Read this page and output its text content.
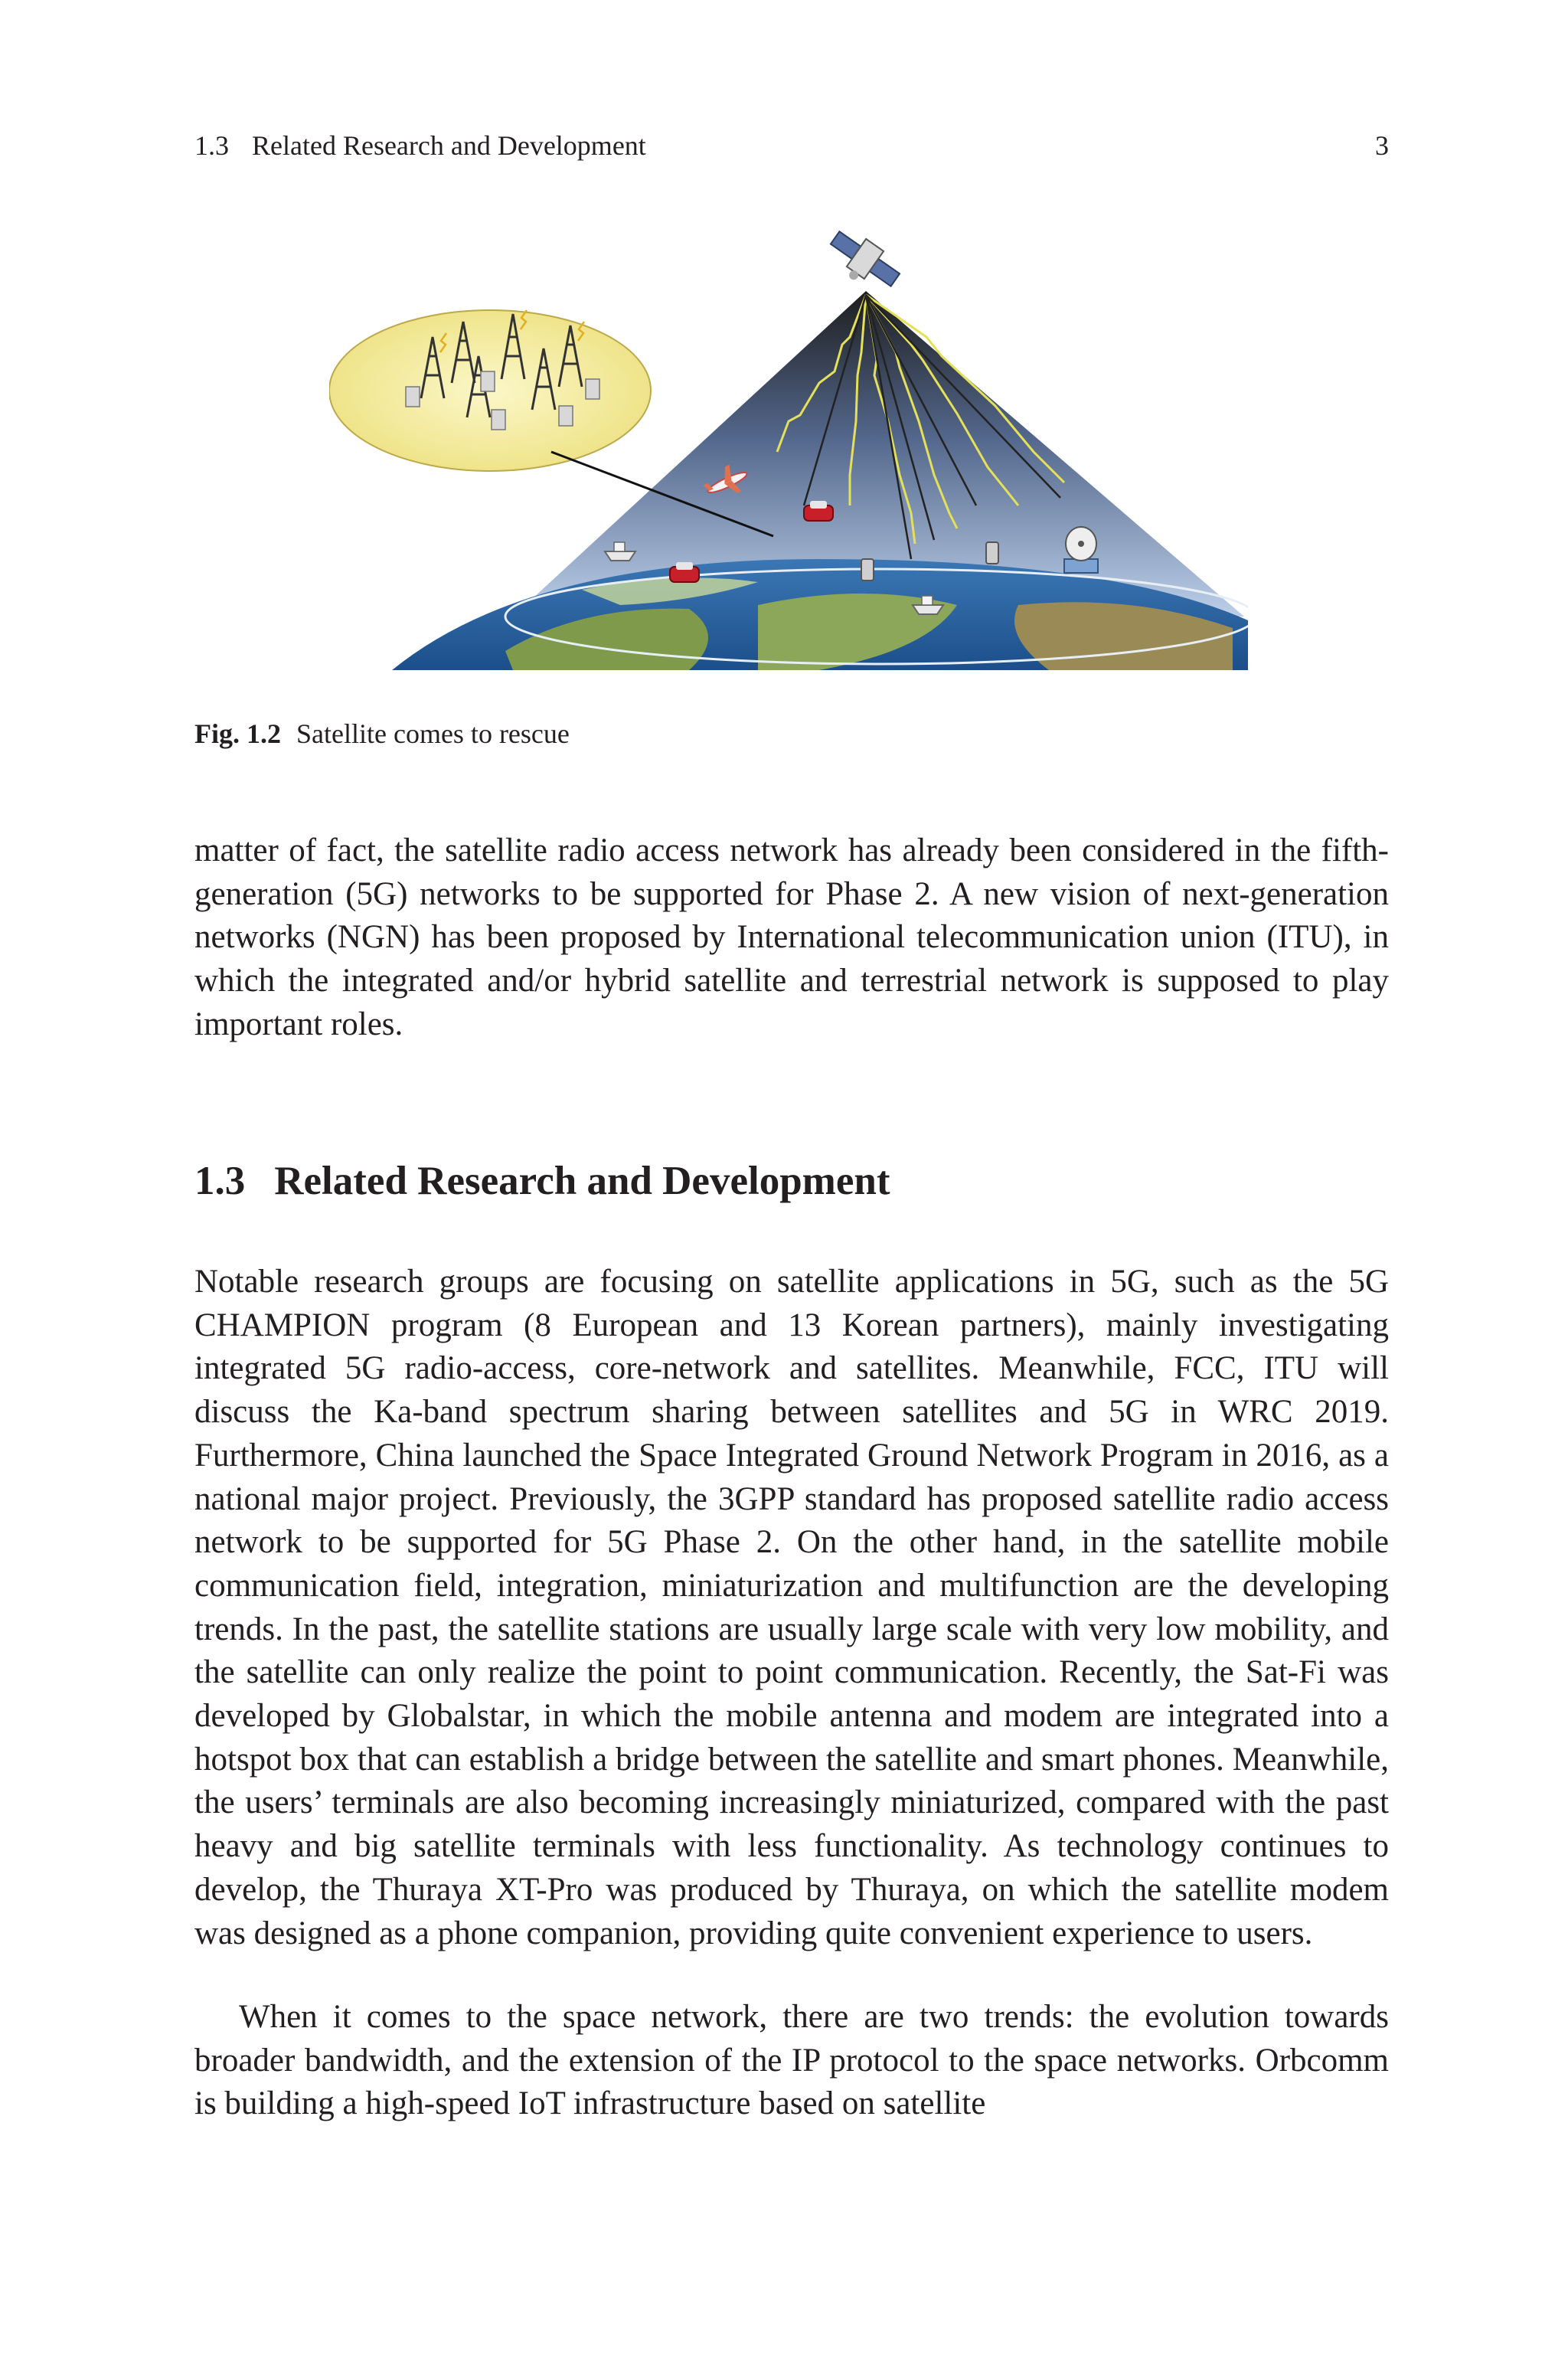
1.3 Related Research and Development	3
Fig. 1.2 Satellite comes to rescue

matter of fact, the satellite radio access network has already been considered in the fifth-generation (5G) networks to be supported for Phase 2. A new vision of next-generation networks (NGN) has been proposed by International telecommunication union (ITU), in which the integrated and/or hybrid satellite and terrestrial network is supposed to play important roles.

1.3 Related Research and Development

Notable research groups are focusing on satellite applications in 5G, such as the 5G CHAMPION program (8 European and 13 Korean partners), mainly investigating integrated 5G radio-access, core-network and satellites. Meanwhile, FCC, ITU will discuss the Ka-band spectrum sharing between satellites and 5G in WRC 2019. Furthermore, China launched the Space Integrated Ground Network Program in 2016, as a national major project. Previously, the 3GPP standard has proposed satellite radio access network to be supported for 5G Phase 2. On the other hand, in the satellite mobile communication field, integration, miniaturization and multifunction are the developing trends. In the past, the satellite stations are usually large scale with very low mobility, and the satellite can only realize the point to point communication. Recently, the Sat-Fi was developed by Globalstar, in which the mobile antenna and modem are integrated into a hotspot box that can establish a bridge between the satellite and smart phones. Meanwhile, the users’ terminals are also becoming increasingly miniaturized, compared with the past heavy and big satellite terminals with less functionality. As technology continues to develop, the Thuraya XT-Pro was produced by Thuraya, on which the satellite modem was designed as a phone companion, providing quite convenient experience to users.

When it comes to the space network, there are two trends: the evolution towards broader bandwidth, and the extension of the IP protocol to the space networks. Orbcomm is building a high-speed IoT infrastructure based on satellite
